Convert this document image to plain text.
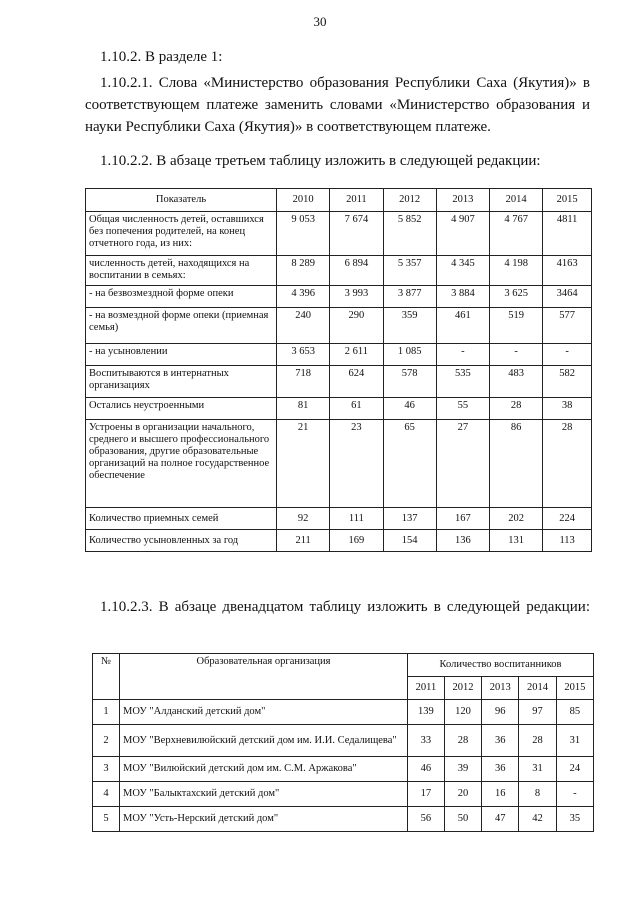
30
1.10.2. В разделе 1:
1.10.2.1. Слова «Министерство образования Республики Саха (Якутия)» в соответствующем платеже заменить словами «Министерство образования и науки Республики Саха (Якутия)» в соответствующем платеже.
1.10.2.2. В абзаце третьем таблицу изложить в следующей редакции:
Показатель	2010	2011	2012	2013	2014	2015
Общая численность детей, оставшихся без попечения родителей, на конец отчетного года, из них:	9 053	7 674	5 852	4 907	4 767	4811
численность детей, находящихся на воспитании в семьях:	8 289	6 894	5 357	4 345	4 198	4163
- на безвозмездной форме опеки	4 396	3 993	3 877	3 884	3 625	3464
- на возмездной форме опеки (приемная семья)	240	290	359	461	519	577
- на усыновлении	3 653	2 611	1 085	-	-	-
Воспитываются в интернатных организациях	718	624	578	535	483	582
Остались неустроенными	81	61	46	55	28	38
Устроены в организации начального, среднего и высшего профессионального образования, другие образовательные организаций на полное государственное обеспечение	21	23	65	27	86	28
Количество приемных семей	92	111	137	167	202	224
Количество усыновленных за год	211	169	154	136	131	113
1.10.2.3. В абзаце двенадцатом таблицу изложить в следующей редакции:
№	Образовательная организация	Количество воспитанников				
		2011	2012	2013	2014	2015
1	МОУ "Алданский детский дом"	139	120	96	97	85
2	МОУ "Верхневилюйский детский дом им. И.И. Седалищева"	33	28	36	28	31
3	МОУ "Вилюйский детский дом им. С.М. Аржакова"	46	39	36	31	24
4	МОУ "Балыктахский детский дом"	17	20	16	8	-
5	МОУ "Усть-Нерский детский дом"	56	50	47	42	35
